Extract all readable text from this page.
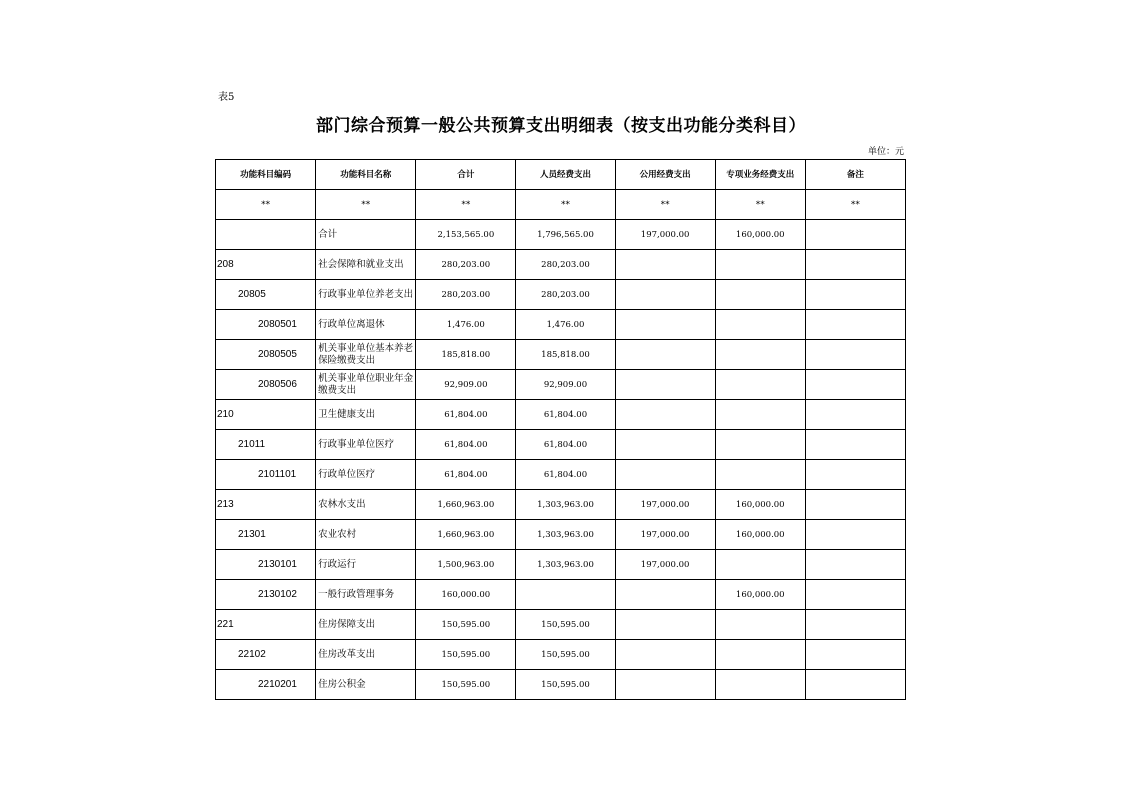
表5
部门综合预算一般公共预算支出明细表（按支出功能分类科目）
单位：元
功能科目编码	功能科目名称	合计	人员经费支出	公用经费支出	专项业务经费支出	备注
**	**	**	**	**	**	**
	合计	2,153,565.00	1,796,565.00	197,000.00	160,000.00	
208	社会保障和就业支出	280,203.00	280,203.00			
20805	行政事业单位养老支出	280,203.00	280,203.00			
2080501	行政单位离退休	1,476.00	1,476.00			
2080505	机关事业单位基本养老保险缴费支出	185,818.00	185,818.00			
2080506	机关事业单位职业年金缴费支出	92,909.00	92,909.00			
210	卫生健康支出	61,804.00	61,804.00			
21011	行政事业单位医疗	61,804.00	61,804.00			
2101101	行政单位医疗	61,804.00	61,804.00			
213	农林水支出	1,660,963.00	1,303,963.00	197,000.00	160,000.00	
21301	农业农村	1,660,963.00	1,303,963.00	197,000.00	160,000.00	
2130101	行政运行	1,500,963.00	1,303,963.00	197,000.00		
2130102	一般行政管理事务	160,000.00			160,000.00	
221	住房保障支出	150,595.00	150,595.00			
22102	住房改革支出	150,595.00	150,595.00			
2210201	住房公积金	150,595.00	150,595.00			
